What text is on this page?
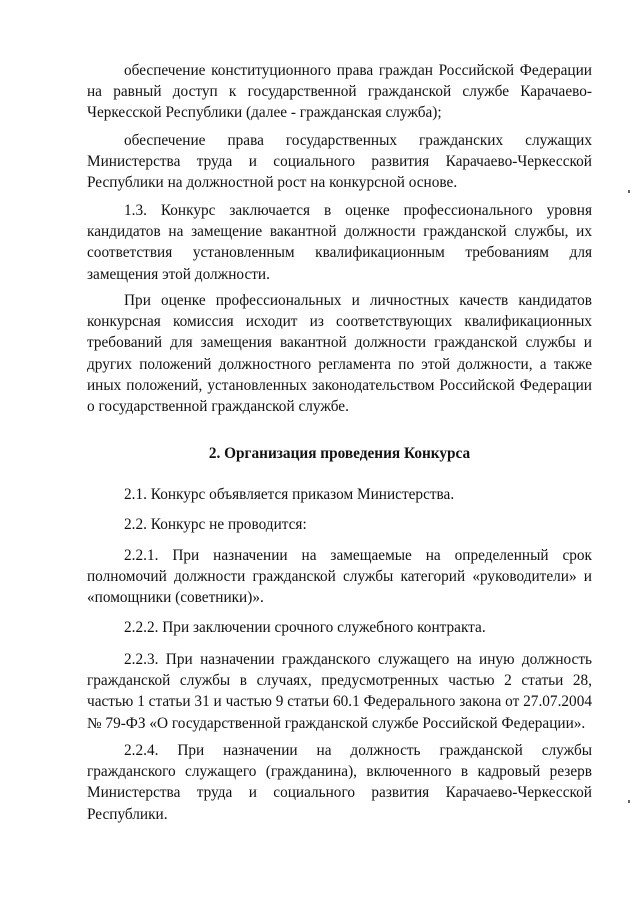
обеспечение конституционного права граждан Российской Федерации на равный доступ к государственной гражданской службе Карачаево-Черкесской Республики (далее - гражданская служба);

обеспечение права государственных гражданских служащих Министерства труда и социального развития Карачаево-Черкесской Республики на должностной рост на конкурсной основе.

1.3. Конкурс заключается в оценке профессионального уровня кандидатов на замещение вакантной должности гражданской службы, их соответствия установленным квалификационным требованиям для замещения этой должности.

При оценке профессиональных и личностных качеств кандидатов конкурсная комиссия исходит из соответствующих квалификационных требований для замещения вакантной должности гражданской службы и других положений должностного регламента по этой должности, а также иных положений, установленных законодательством Российской Федерации о государственной гражданской службе.

2. Организация проведения Конкурса

2.1. Конкурс объявляется приказом Министерства.

2.2. Конкурс не проводится:

2.2.1. При назначении на замещаемые на определенный срок полномочий должности гражданской службы категорий «руководители» и «помощники (советники)».

2.2.2. При заключении срочного служебного контракта.

2.2.3. При назначении гражданского служащего на иную должность гражданской службы в случаях, предусмотренных частью 2 статьи 28, частью 1 статьи 31 и частью 9 статьи 60.1 Федерального закона от 27.07.2004 № 79-ФЗ «О государственной гражданской службе Российской Федерации».

2.2.4. При назначении на должность гражданской службы гражданского служащего (гражданина), включенного в кадровый резерв Министерства труда и социального развития Карачаево-Черкесской Республики.
